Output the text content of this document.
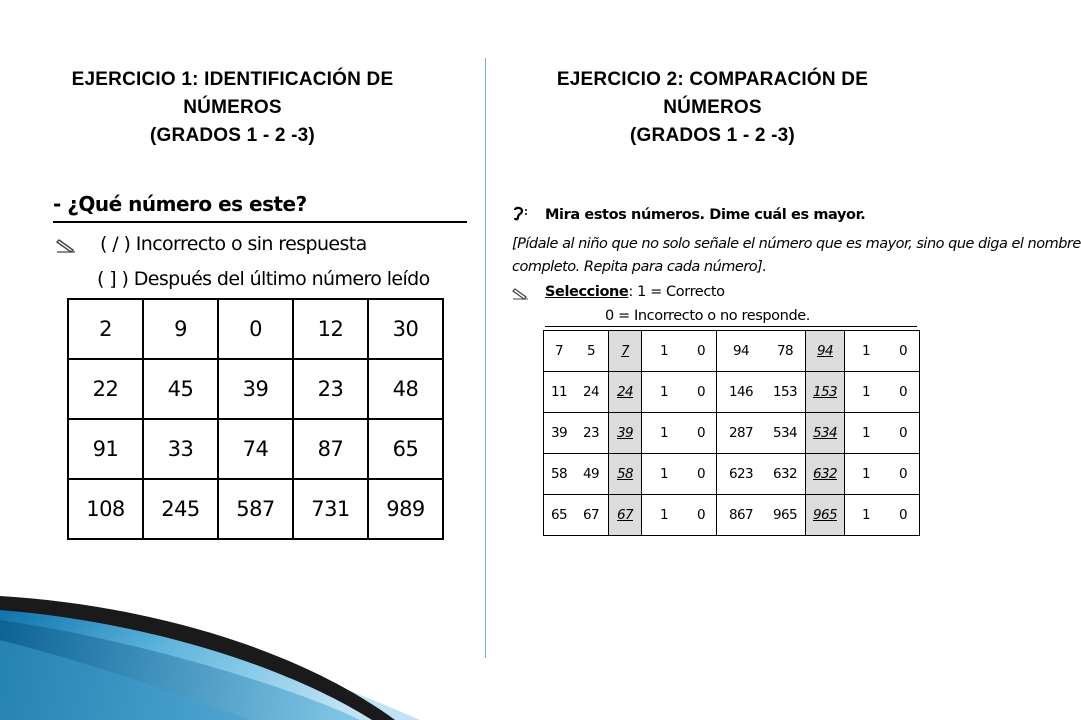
EJERCICIO 1: IDENTIFICACIÓN DE
NÚMEROS
(GRADOS 1 - 2 -3)
EJERCICIO 2: COMPARACIÓN DE
NÚMEROS
(GRADOS 1 - 2 -3)
- ¿Qué número es este?
( / ) Incorrecto o sin respuesta
( ] ) Después del último número leído
2	9	0	12	30
22	45	39	23	48
91	33	74	87	65
108	245	587	731	989
Mira estos números. Dime cuál es mayor.
[Pídale al niño que no solo señale el número que es mayor, sino que diga el nombre
completo. Repita para cada número].
Seleccione: 1 = Correcto
0 = Incorrecto o no responde.
7	5	7	1	0	94	78	94	1	0
11	24	24	1	0	146	153	153	1	0
39	23	39	1	0	287	534	534	1	0
58	49	58	1	0	623	632	632	1	0
65	67	67	1	0	867	965	965	1	0
